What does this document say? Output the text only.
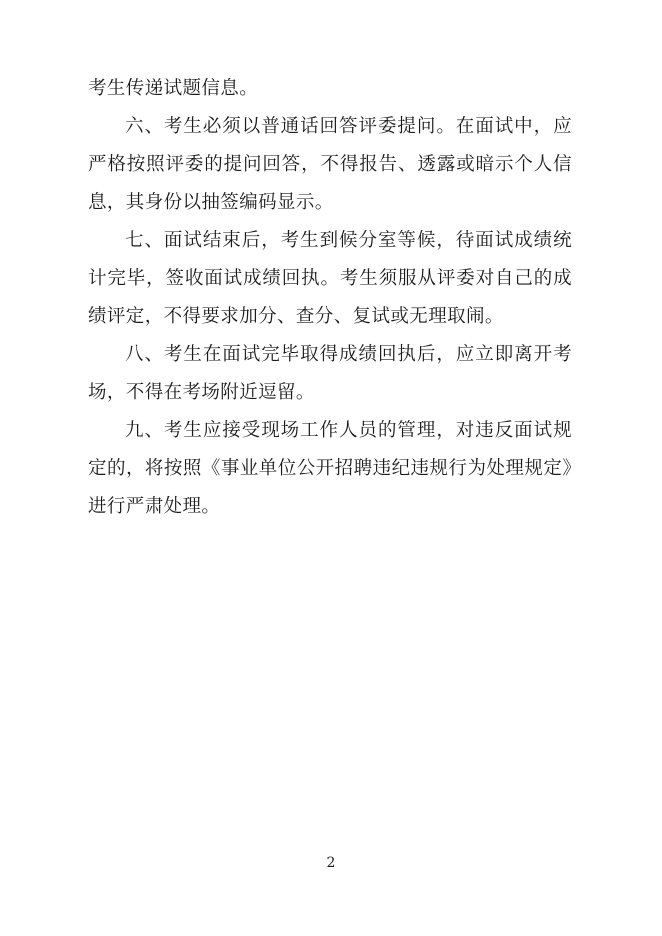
考生传递试题信息。

六、考生必须以普通话回答评委提问。在面试中，应严格按照评委的提问回答，不得报告、透露或暗示个人信息，其身份以抽签编码显示。

七、面试结束后，考生到候分室等候，待面试成绩统计完毕，签收面试成绩回执。考生须服从评委对自己的成绩评定，不得要求加分、查分、复试或无理取闹。

八、考生在面试完毕取得成绩回执后，应立即离开考场，不得在考场附近逗留。

九、考生应接受现场工作人员的管理，对违反面试规定的，将按照《事业单位公开招聘违纪违规行为处理规定》进行严肃处理。

2
